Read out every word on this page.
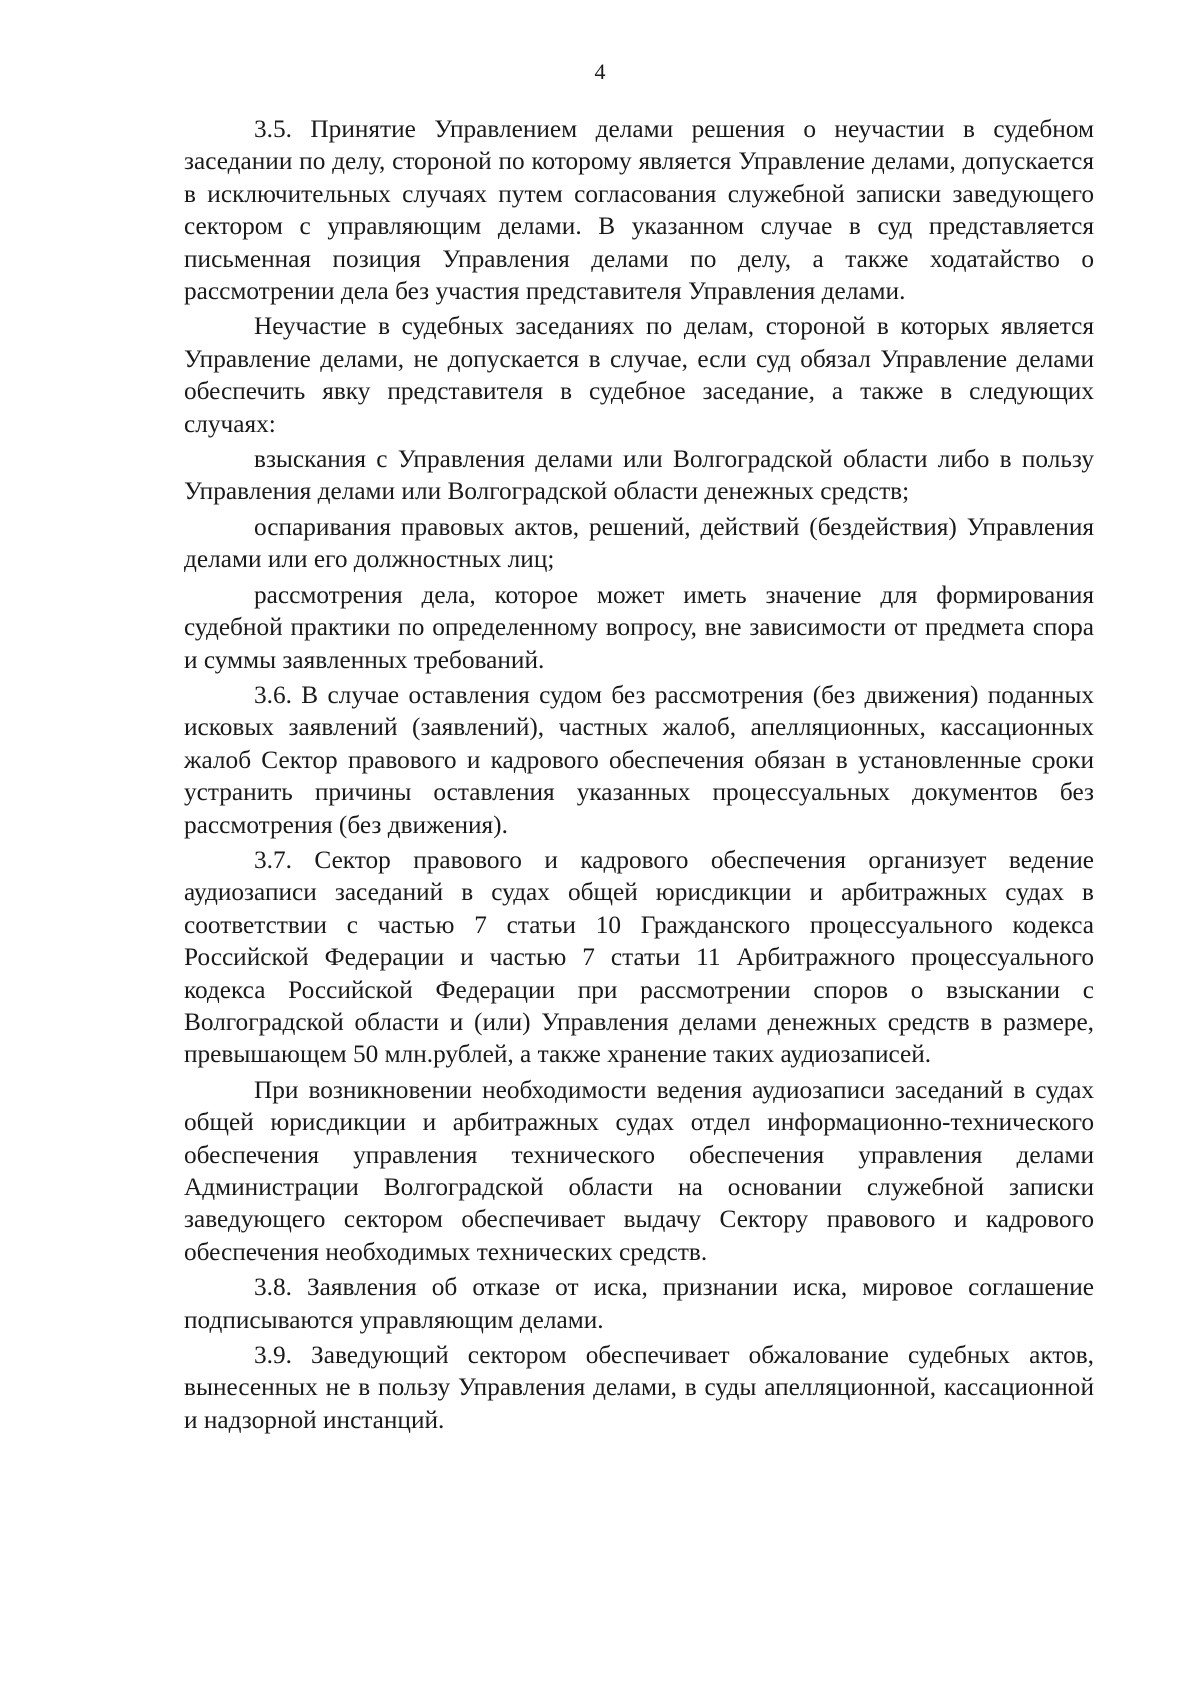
4

3.5. Принятие Управлением делами решения о неучастии в судебном заседании по делу, стороной по которому является Управление делами, допускается в исключительных случаях путем согласования служебной записки заведующего сектором с управляющим делами. В указанном случае в суд представляется письменная позиция Управления делами по делу, а также ходатайство о рассмотрении дела без участия представителя Управления делами.

Неучастие в судебных заседаниях по делам, стороной в которых является Управление делами, не допускается в случае, если суд обязал Управление делами обеспечить явку представителя в судебное заседание, а также в следующих случаях:

взыскания с Управления делами или Волгоградской области либо в пользу Управления делами или Волгоградской области денежных средств;

оспаривания правовых актов, решений, действий (бездействия) Управления делами или его должностных лиц;

рассмотрения дела, которое может иметь значение для формирования судебной практики по определенному вопросу, вне зависимости от предмета спора и суммы заявленных требований.

3.6. В случае оставления судом без рассмотрения (без движения) поданных исковых заявлений (заявлений), частных жалоб, апелляционных, кассационных жалоб Сектор правового и кадрового обеспечения обязан в установленные сроки устранить причины оставления указанных процессуальных документов без рассмотрения (без движения).

3.7. Сектор правового и кадрового обеспечения организует ведение аудиозаписи заседаний в судах общей юрисдикции и арбитражных судах в соответствии с частью 7 статьи 10 Гражданского процессуального кодекса Российской Федерации и частью 7 статьи 11 Арбитражного процессуального кодекса Российской Федерации при рассмотрении споров о взыскании с Волгоградской области и (или) Управления делами денежных средств в размере, превышающем 50 млн.рублей, а также хранение таких аудиозаписей.

При возникновении необходимости ведения аудиозаписи заседаний в судах общей юрисдикции и арбитражных судах отдел информационно-технического обеспечения управления технического обеспечения управления делами Администрации Волгоградской области на основании служебной записки заведующего сектором обеспечивает выдачу Сектору правового и кадрового обеспечения необходимых технических средств.

3.8. Заявления об отказе от иска, признании иска, мировое соглашение подписываются управляющим делами.

3.9. Заведующий сектором обеспечивает обжалование судебных актов, вынесенных не в пользу Управления делами, в суды апелляционной, кассационной и надзорной инстанций.
